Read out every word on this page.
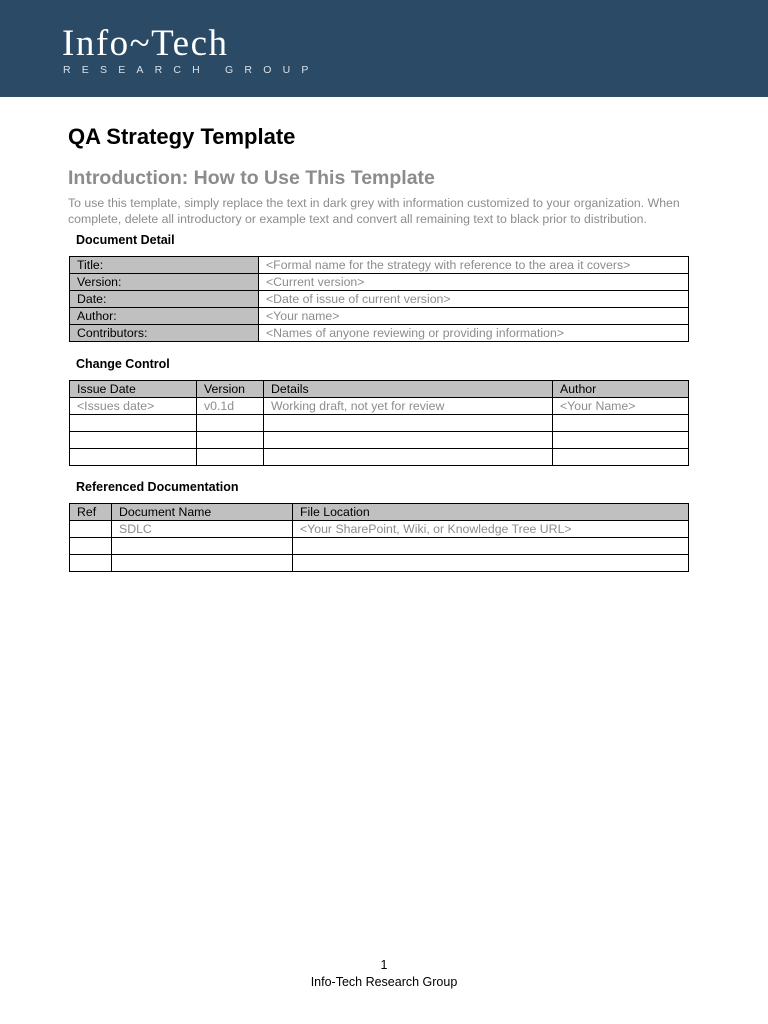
Info~Tech
RESEARCH GROUP
QA Strategy Template
Introduction: How to Use This Template
To use this template, simply replace the text in dark grey with information customized to your organization. When complete, delete all introductory or example text and convert all remaining text to black prior to distribution.
Document Detail
Title:	<Formal name for the strategy with reference to the area it covers>
Version:	<Current version>
Date:	<Date of issue of current version>
Author:	<Your name>
Contributors:	<Names of anyone reviewing or providing information>
Change Control
Issue Date	Version	Details	Author
<Issues date>	v0.1d	Working draft, not yet for review	<Your Name>

Referenced Documentation
Ref	Document Name	File Location
	SDLC	<Your SharePoint, Wiki, or Knowledge Tree URL>

1
Info-Tech Research Group
